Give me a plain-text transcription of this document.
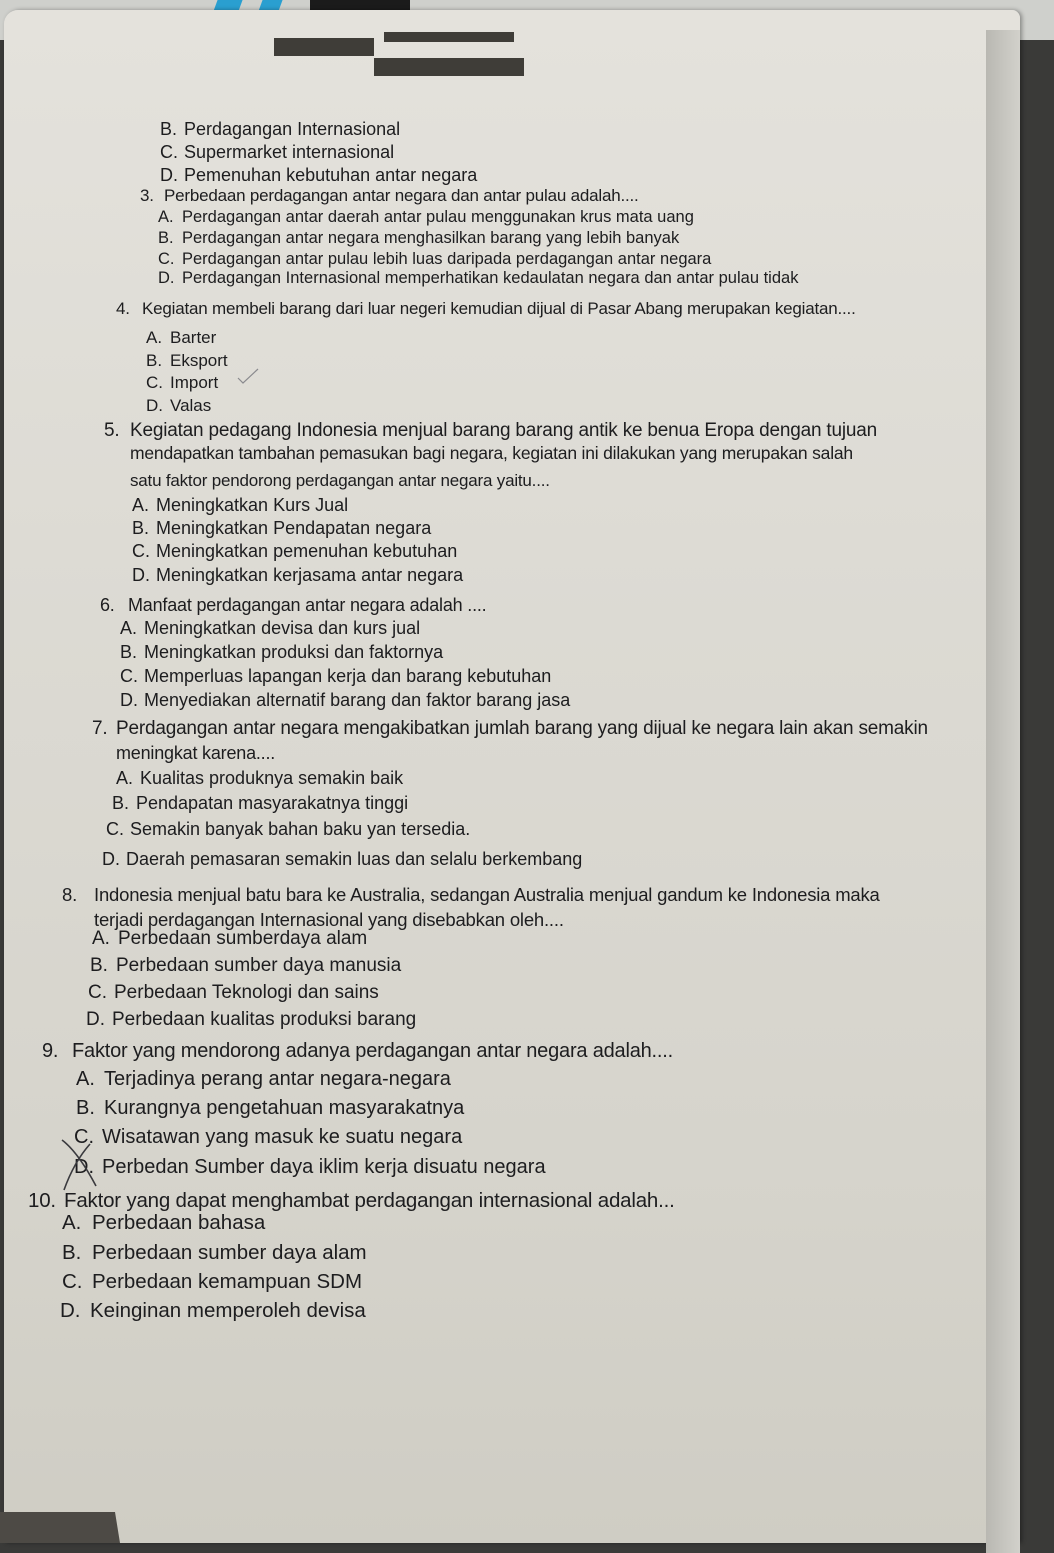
B. Perdagangan Internasional
C. Supermarket internasional
D. Pemenuhan kebutuhan antar negara
3. Perbedaan perdagangan antar negara dan antar pulau adalah....
A. Perdagangan antar daerah antar pulau menggunakan krus mata uang
B. Perdagangan antar negara menghasilkan barang yang lebih banyak
C. Perdagangan antar pulau lebih luas daripada perdagangan antar negara
D. Perdagangan Internasional memperhatikan kedaulatan negara dan antar pulau tidak
4. Kegiatan membeli barang dari luar negeri kemudian dijual di Pasar Abang merupakan kegiatan....
A. Barter
B. Eksport
C. Import
D. Valas
5. Kegiatan pedagang Indonesia menjual barang barang antik ke benua Eropa dengan tujuan
mendapatkan tambahan pemasukan bagi negara, kegiatan ini dilakukan yang merupakan salah
satu faktor pendorong perdagangan antar negara yaitu....
A. Meningkatkan Kurs Jual
B. Meningkatkan Pendapatan negara
C. Meningkatkan pemenuhan kebutuhan
D. Meningkatkan kerjasama antar negara
6. Manfaat perdagangan antar negara adalah ....
A. Meningkatkan devisa dan kurs jual
B. Meningkatkan produksi dan faktornya
C. Memperluas lapangan kerja dan barang kebutuhan
D. Menyediakan alternatif barang dan faktor barang jasa
7. Perdagangan antar negara mengakibatkan jumlah barang yang dijual ke negara lain akan semakin
meningkat karena....
A. Kualitas produknya semakin baik
B. Pendapatan masyarakatnya tinggi
C. Semakin banyak bahan baku yan tersedia.
D. Daerah pemasaran semakin luas dan selalu berkembang
8. Indonesia menjual batu bara ke Australia, sedangan Australia menjual gandum ke Indonesia maka
terjadi perdagangan Internasional yang disebabkan oleh....
A. Perbedaan sumberdaya alam
B. Perbedaan sumber daya manusia
C. Perbedaan Teknologi dan sains
D. Perbedaan kualitas produksi barang
9. Faktor yang mendorong adanya perdagangan antar negara adalah....
A. Terjadinya perang antar negara-negara
B. Kurangnya pengetahuan masyarakatnya
C. Wisatawan yang masuk ke suatu negara
D. Perbedan Sumber daya iklim kerja disuatu negara
10. Faktor yang dapat menghambat perdagangan internasional adalah...
A. Perbedaan bahasa
B. Perbedaan sumber daya alam
C. Perbedaan kemampuan SDM
D. Keinginan memperoleh devisa
